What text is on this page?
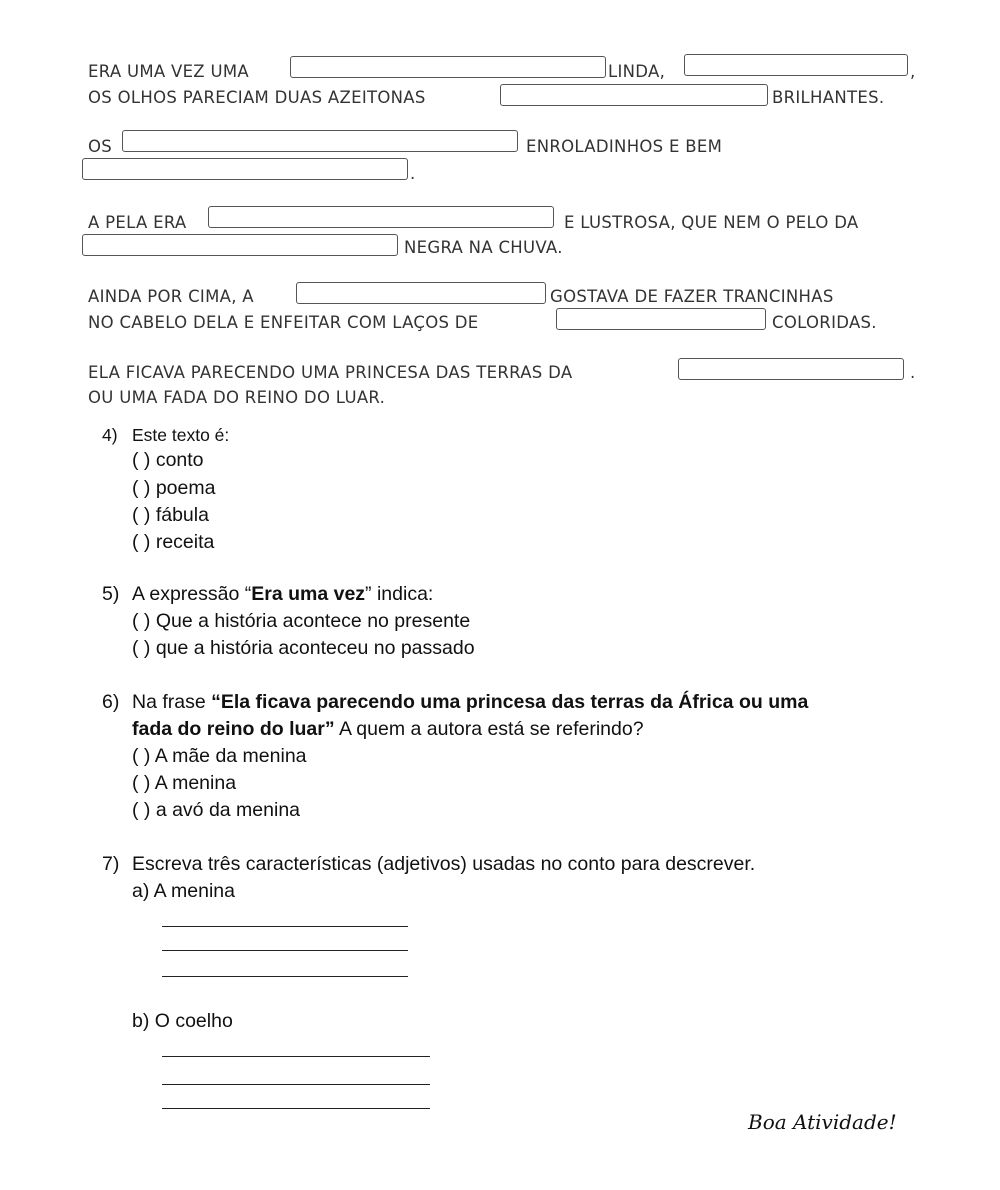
ERA UMA VEZ UMA	LINDA,	,
OS OLHOS PARECIAM DUAS AZEITONAS	BRILHANTES.
OS	ENROLADINHOS E BEM
.
A PELA ERA	E LUSTROSA, QUE NEM O PELO DA
NEGRA NA CHUVA.
AINDA POR CIMA, A	GOSTAVA DE FAZER TRANCINHAS
NO CABELO DELA E ENFEITAR COM LAÇOS DE	COLORIDAS.
ELA FICAVA PARECENDO UMA PRINCESA DAS TERRAS DA	.
OU UMA FADA DO REINO DO LUAR.
4) Este texto é:
( ) conto
( ) poema
( ) fábula
( ) receita
5) A expressão “Era uma vez” indica:
( ) Que a história acontece no presente
( ) que a história aconteceu no passado
6) Na frase “Ela ficava parecendo uma princesa das terras da África ou uma
fada do reino do luar” A quem a autora está se referindo?
( ) A mãe da menina
( ) A menina
( ) a avó da menina
7) Escreva três características (adjetivos) usadas no conto para descrever.
a) A menina
b) O coelho
Boa Atividade!
